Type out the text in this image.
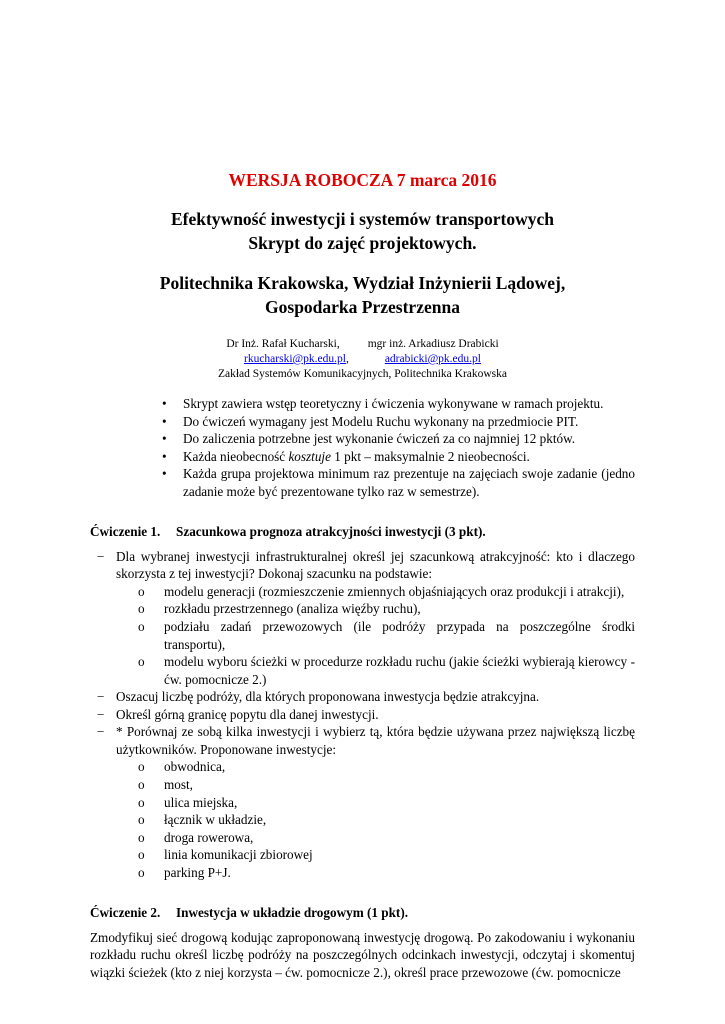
WERSJA ROBOCZA 7 marca 2016
Efektywność inwestycji i systemów transportowych
Skrypt do zajęć projektowych.
Politechnika Krakowska, Wydział Inżynierii Lądowej,
Gospodarka Przestrzenna
Dr Inż. Rafał Kucharski, mgr inż. Arkadiusz Drabicki
rkucharski@pk.edu.pl,	adrabicki@pk.edu.pl
Zakład Systemów Komunikacyjnych, Politechnika Krakowska
•	Skrypt zawiera wstęp teoretyczny i ćwiczenia wykonywane w ramach projektu.
•	Do ćwiczeń wymagany jest Modelu Ruchu wykonany na przedmiocie PIT.
•	Do zaliczenia potrzebne jest wykonanie ćwiczeń za co najmniej 12 pktów.
•	Każda nieobecność kosztuje 1 pkt – maksymalnie 2 nieobecności.
•	Każda grupa projektowa minimum raz prezentuje na zajęciach swoje zadanie (jedno zadanie może być prezentowane tylko raz w semestrze).
Ćwiczenie 1.	Szacunkowa prognoza atrakcyjności inwestycji (3 pkt).
− Dla wybranej inwestycji infrastrukturalnej określ jej szacunkową atrakcyjność: kto i dlaczego skorzysta z tej inwestycji? Dokonaj szacunku na podstawie:
o	modelu generacji (rozmieszczenie zmiennych objaśniających oraz produkcji i atrakcji),
o	rozkładu przestrzennego (analiza więźby ruchu),
o	podziału zadań przewozowych (ile podróży przypada na poszczególne środki transportu),
o	modelu wyboru ścieżki w procedurze rozkładu ruchu (jakie ścieżki wybierają kierowcy - ćw. pomocnicze 2.)
− Oszacuj liczbę podróży, dla których proponowana inwestycja będzie atrakcyjna.
− Określ górną granicę popytu dla danej inwestycji.
− * Porównaj ze sobą kilka inwestycji i wybierz tą, która będzie używana przez największą liczbę użytkowników. Proponowane inwestycje:
o	obwodnica,
o	most,
o	ulica miejska,
o	łącznik w układzie,
o	droga rowerowa,
o	linia komunikacji zbiorowej
o	parking P+J.
Ćwiczenie 2.	Inwestycja w układzie drogowym (1 pkt).
Zmodyfikuj sieć drogową kodując zaproponowaną inwestycję drogową. Po zakodowaniu i wykonaniu rozkładu ruchu określ liczbę podróży na poszczególnych odcinkach inwestycji, odczytaj i skomentuj wiązki ścieżek (kto z niej korzysta – ćw. pomocnicze 2.), określ prace przewozowe (ćw. pomocnicze
